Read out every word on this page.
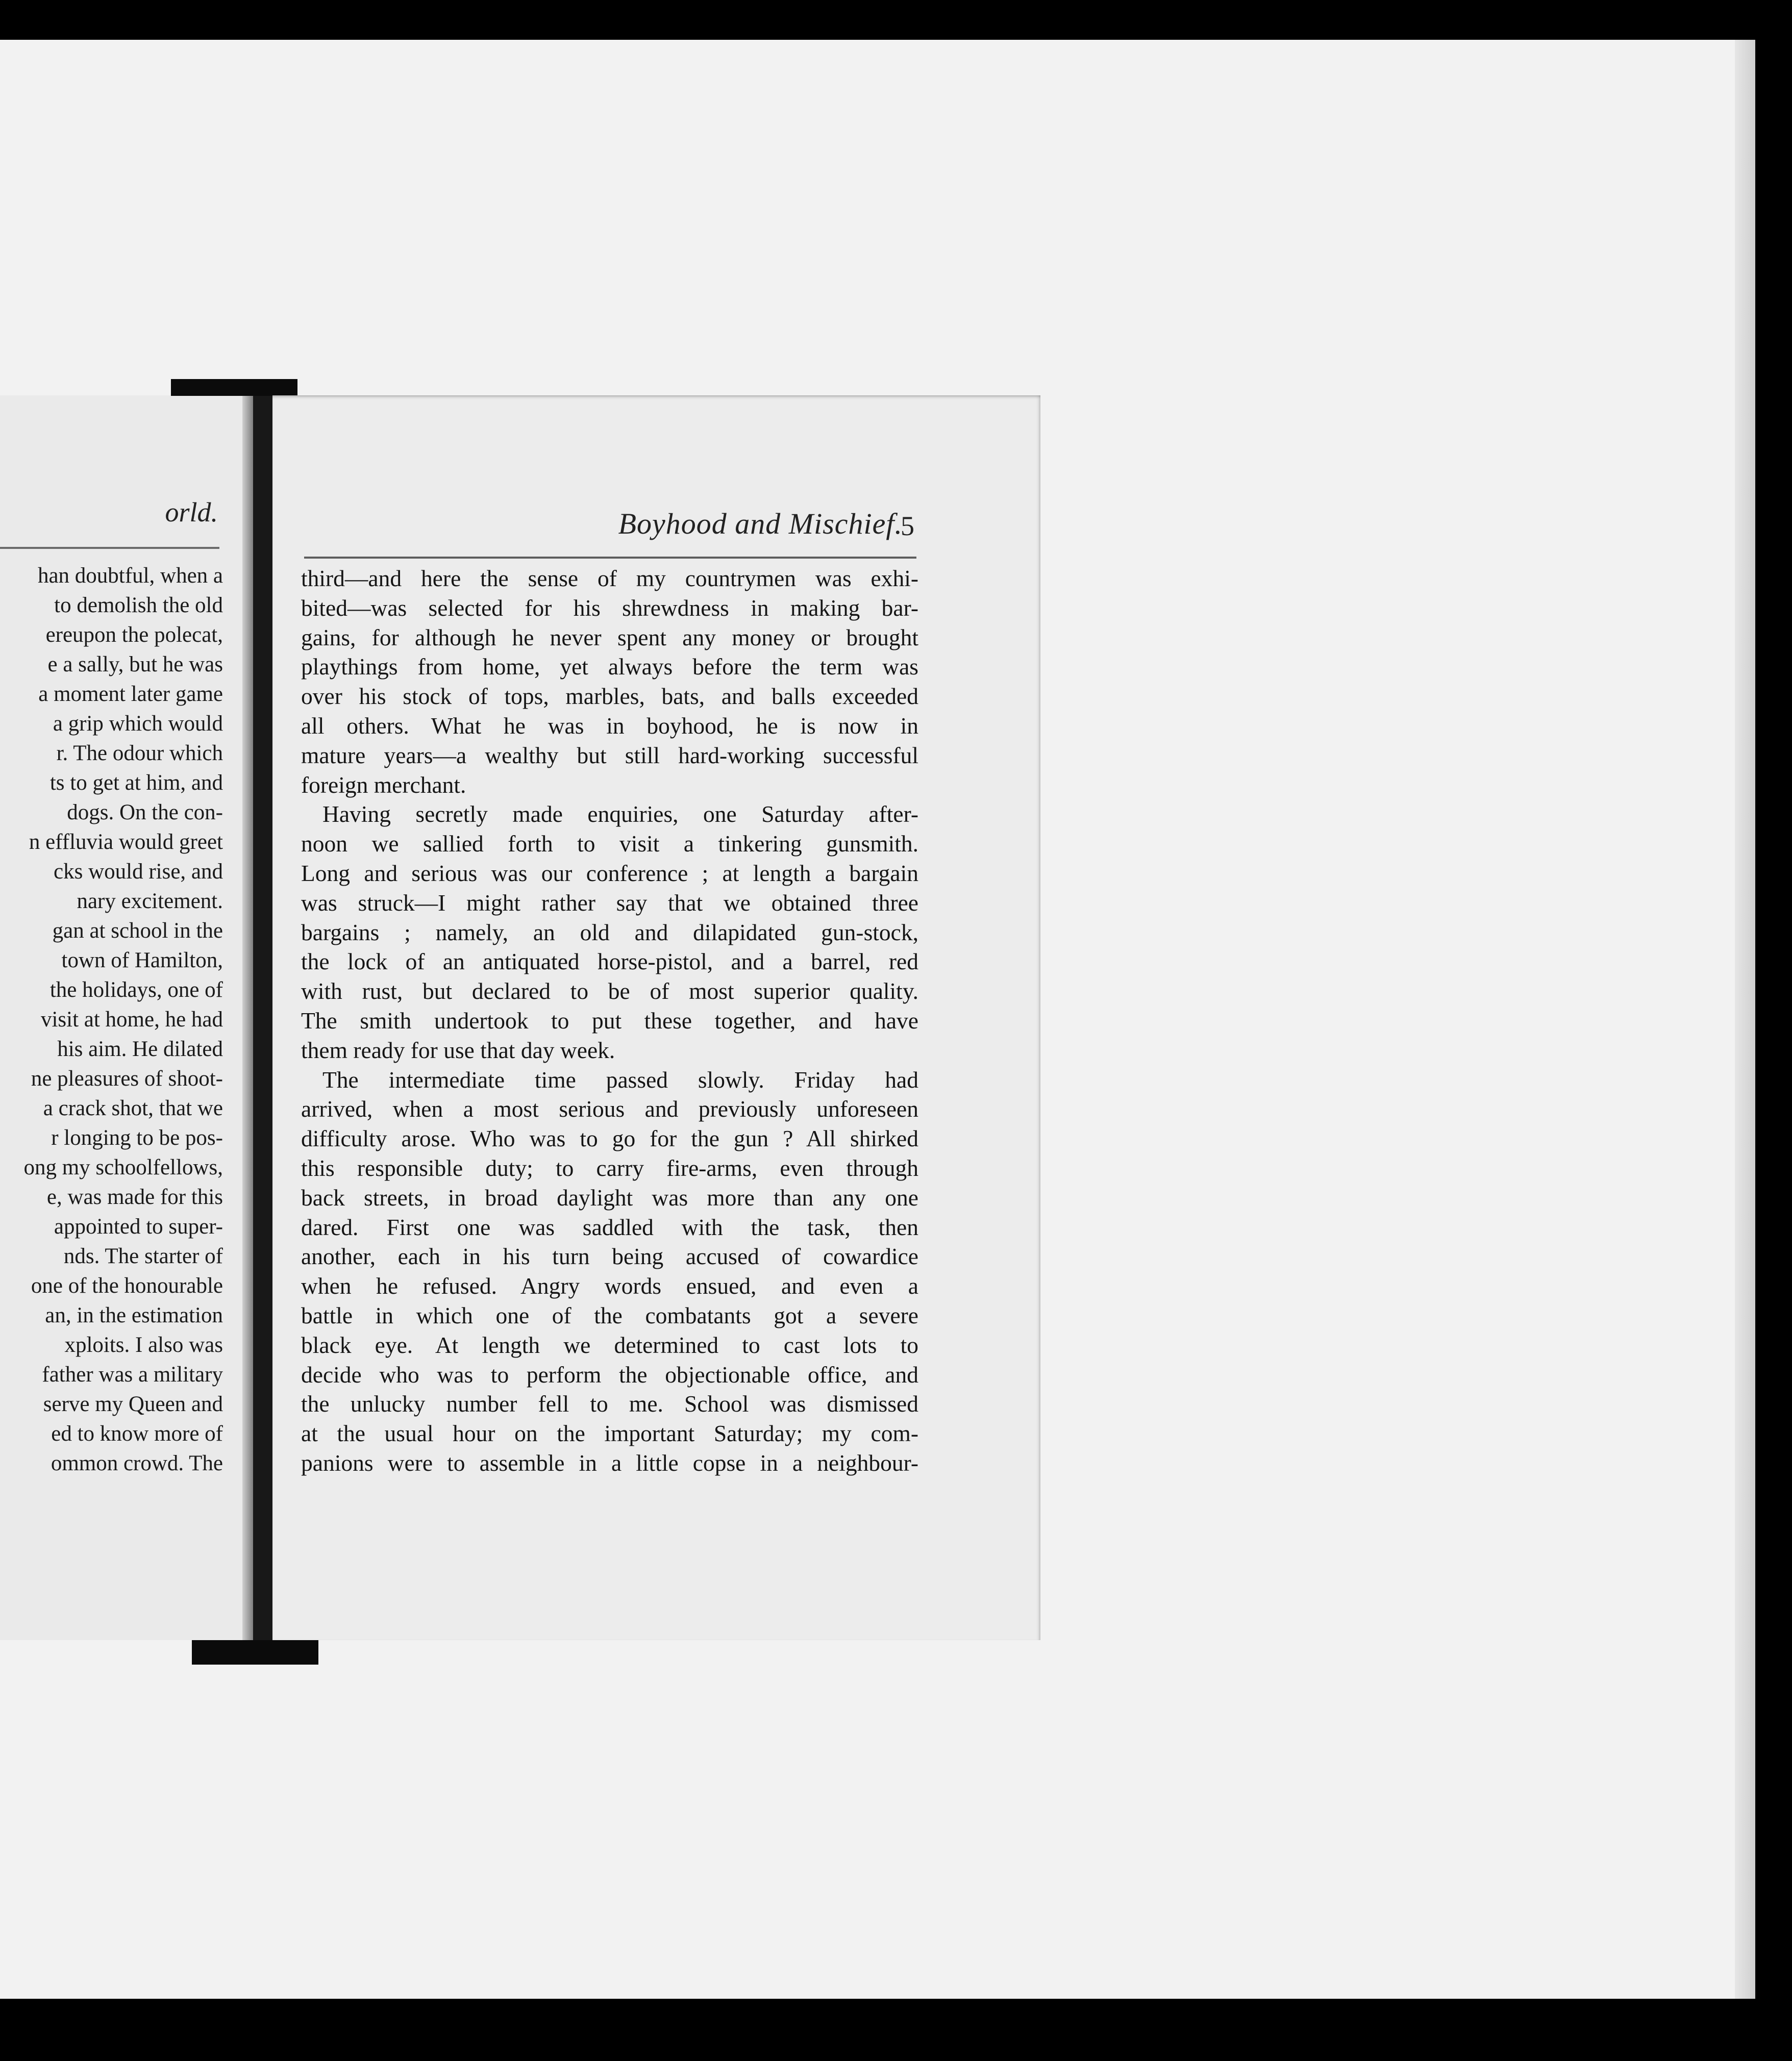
orld.
han doubtful, when a
to demolish the old
ereupon the polecat,
e a sally, but he was
a moment later game
a grip which would
r. The odour which
ts to get at him, and
dogs. On the con-
n effluvia would greet
cks would rise, and
nary excitement.
gan at school in the
town of Hamilton,
the holidays, one of
visit at home, he had
his aim. He dilated
ne pleasures of shoot-
a crack shot, that we
r longing to be pos-
ong my schoolfellows,
e, was made for this
appointed to super-
nds. The starter of
one of the honourable
an, in the estimation
xploits. I also was
father was a military
serve my Queen and
ed to know more of
ommon crowd. The
Boyhood and Mischief.
5
third—and here the sense of my countrymen was exhi-
bited—was selected for his shrewdness in making bar-
gains, for although he never spent any money or brought
playthings from home, yet always before the term was
over his stock of tops, marbles, bats, and balls exceeded
all others. What he was in boyhood, he is now in
mature years—a wealthy but still hard-working successful
foreign merchant.
Having secretly made enquiries, one Saturday after-
noon we sallied forth to visit a tinkering gunsmith.
Long and serious was our conference ; at length a bargain
was struck—I might rather say that we obtained three
bargains ; namely, an old and dilapidated gun-stock,
the lock of an antiquated horse-pistol, and a barrel, red
with rust, but declared to be of most superior quality.
The smith undertook to put these together, and have
them ready for use that day week.
The intermediate time passed slowly. Friday had
arrived, when a most serious and previously unforeseen
difficulty arose. Who was to go for the gun ? All shirked
this responsible duty; to carry fire-arms, even through
back streets, in broad daylight was more than any one
dared. First one was saddled with the task, then
another, each in his turn being accused of cowardice
when he refused. Angry words ensued, and even a
battle in which one of the combatants got a severe
black eye. At length we determined to cast lots to
decide who was to perform the objectionable office, and
the unlucky number fell to me. School was dismissed
at the usual hour on the important Saturday; my com-
panions were to assemble in a little copse in a neighbour-
